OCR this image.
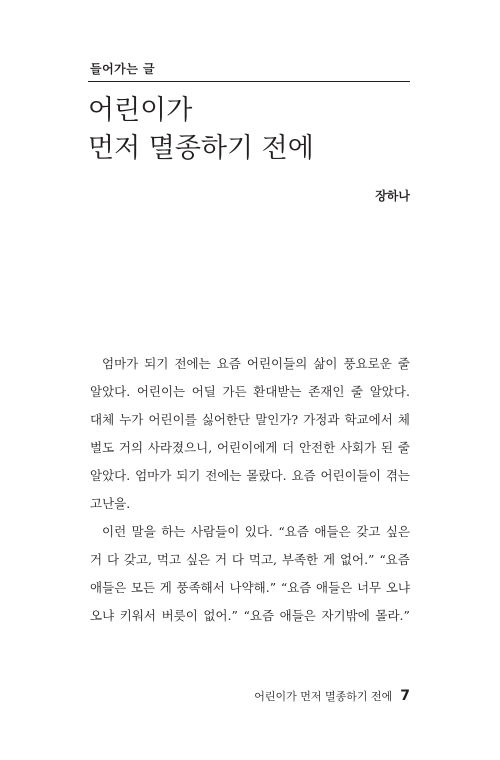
들어가는 글
어린이가
먼저 멸종하기 전에
장하나
엄마가 되기 전에는 요즘 어린이들의 삶이 풍요로운 줄
알았다. 어린이는 어딜 가든 환대받는 존재인 줄 알았다.
대체 누가 어린이를 싫어한단 말인가? 가정과 학교에서 체
벌도 거의 사라졌으니, 어린이에게 더 안전한 사회가 된 줄
알았다. 엄마가 되기 전에는 몰랐다. 요즘 어린이들이 겪는
고난을.
이런 말을 하는 사람들이 있다. “요즘 애들은 갖고 싶은
거 다 갖고, 먹고 싶은 거 다 먹고, 부족한 게 없어.” “요즘
애들은 모든 게 풍족해서 나약해.” “요즘 애들은 너무 오냐
오냐 키워서 버릇이 없어.” “요즘 애들은 자기밖에 몰라.”
어린이가 먼저 멸종하기 전에 7
